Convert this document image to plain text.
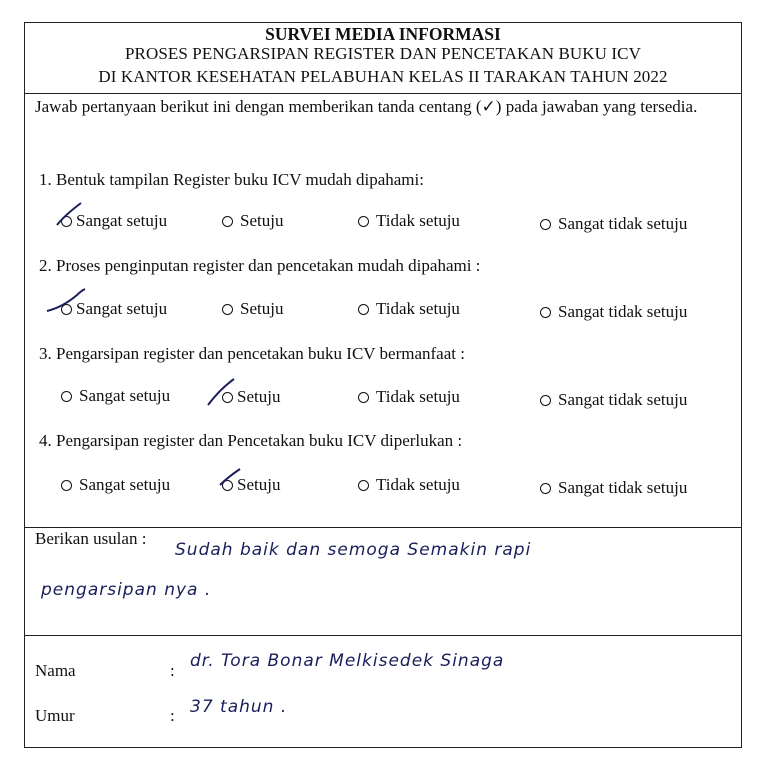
SURVEI MEDIA INFORMASI
PROSES PENGARSIPAN REGISTER DAN PENCETAKAN BUKU ICV
DI KANTOR KESEHATAN PELABUHAN KELAS II TARAKAN TAHUN 2022
Jawab pertanyaan berikut ini dengan memberikan tanda centang (✓) pada jawaban yang tersedia.
1. Bentuk tampilan Register buku ICV mudah dipahami:
Sangat setuju	Setuju	Tidak setuju	Sangat tidak setuju
2. Proses penginputan register dan pencetakan mudah dipahami :
Sangat setuju	Setuju	Tidak setuju	Sangat tidak setuju
3. Pengarsipan register dan pencetakan buku ICV bermanfaat :
Sangat setuju	Setuju	Tidak setuju	Sangat tidak setuju
4. Pengarsipan register dan Pencetakan buku ICV diperlukan :
Sangat setuju	Setuju	Tidak setuju	Sangat tidak setuju
Berikan usulan :
Sudah baik dan semoga Semakin rapi
pengarsipan nya .
Nama	: dr. Tora Bonar Melkisedek Sinaga
Umur	: 37 tahun .
